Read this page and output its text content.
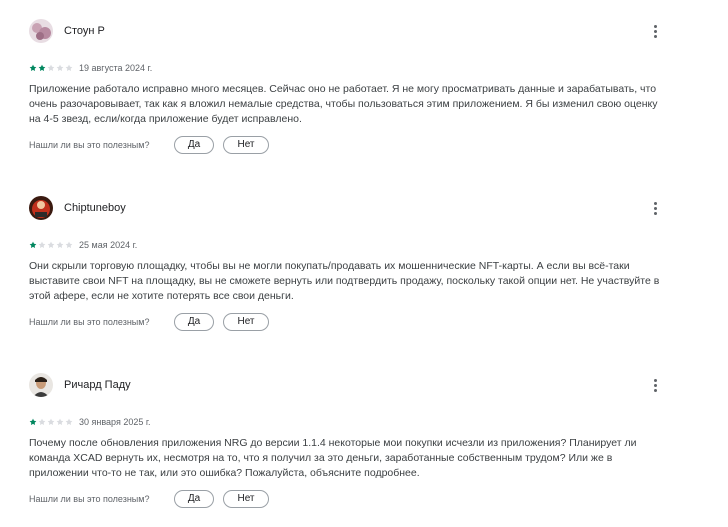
Стоун Р
19 августа 2024 г.
Приложение работало исправно много месяцев. Сейчас оно не работает. Я не могу просматривать данные и зарабатывать, что очень разочаровывает, так как я вложил немалые средства, чтобы пользоваться этим приложением. Я бы изменил свою оценку на 4-5 звезд, если/когда приложение будет исправлено.
Нашли ли вы это полезным?	Да	Нет
Chiptuneboy
25 мая 2024 г.
Они скрыли торговую площадку, чтобы вы не могли покупать/продавать их мошеннические NFT-карты. А если вы всё-таки выставите свои NFT на площадку, вы не сможете вернуть или подтвердить продажу, поскольку такой опции нет. Не участвуйте в этой афере, если не хотите потерять все свои деньги.
Нашли ли вы это полезным?	Да	Нет
Ричард Паду
30 января 2025 г.
Почему после обновления приложения NRG до версии 1.1.4 некоторые мои покупки исчезли из приложения? Планирует ли команда XCAD вернуть их, несмотря на то, что я получил за это деньги, заработанные собственным трудом? Или же в приложении что-то не так, или это ошибка? Пожалуйста, объясните подробнее.
Нашли ли вы это полезным?	Да	Нет
